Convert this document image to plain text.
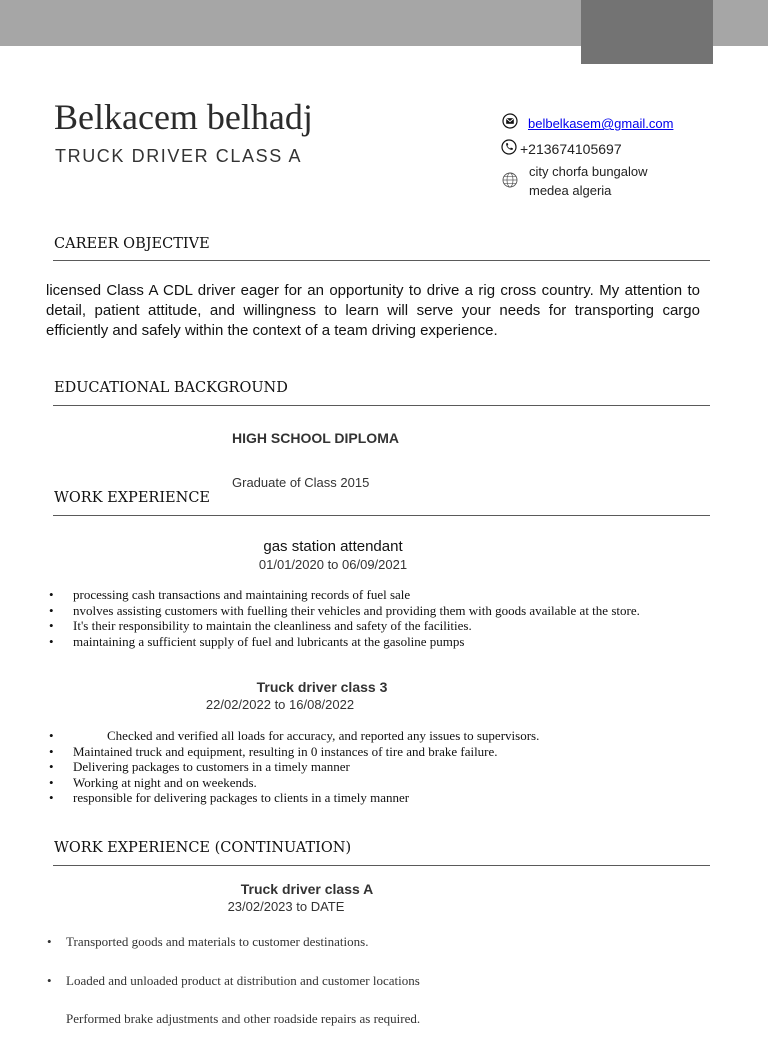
Belkacem belhadj
TRUCK DRIVER CLASS A
belbelkasem@gmail.com
+213674105697
city chorfa bungalow
medea algeria
CAREER OBJECTIVE
licensed Class A CDL driver eager for an opportunity to drive a rig cross country. My attention to detail, patient attitude, and willingness to learn will serve your needs for transporting cargo efficiently and safely within the context of a team driving experience.
EDUCATIONAL BACKGROUND
HIGH SCHOOL DIPLOMA
Graduate of Class 2015
WORK EXPERIENCE
gas station attendant
01/01/2020 to 06/09/2021
• processing cash transactions and maintaining records of fuel sale
• nvolves assisting customers with fuelling their vehicles and providing them with goods available at the store.
• It's their responsibility to maintain the cleanliness and safety of the facilities.
• maintaining a sufficient supply of fuel and lubricants at the gasoline pumps
Truck driver class 3
22/02/2022 to 16/08/2022
• Checked and verified all loads for accuracy, and reported any issues to supervisors.
• Maintained truck and equipment, resulting in 0 instances of tire and brake failure.
• Delivering packages to customers in a timely manner
• Working at night and on weekends.
• responsible for delivering packages to clients in a timely manner
WORK EXPERIENCE (CONTINUATION)
Truck driver class A
23/02/2023 to DATE
• Transported goods and materials to customer destinations.
• Loaded and unloaded product at distribution and customer locations
Performed brake adjustments and other roadside repairs as required.
